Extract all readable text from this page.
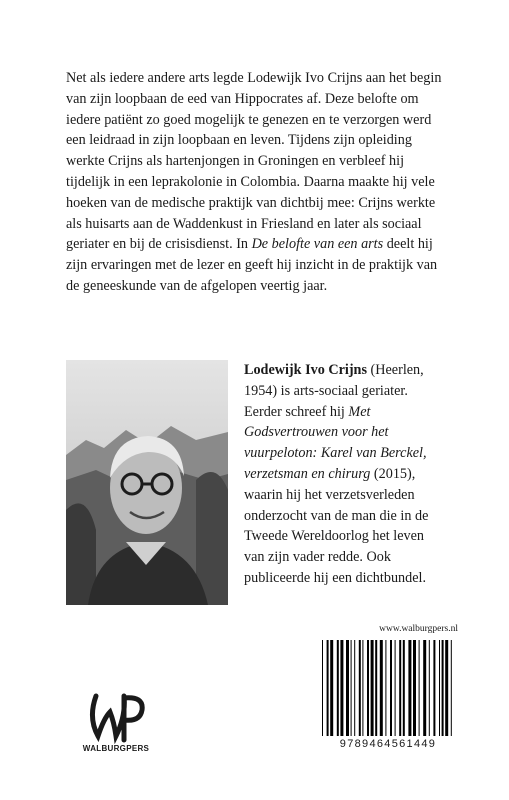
Net als iedere andere arts legde Lodewijk Ivo Crijns aan het begin van zijn loopbaan de eed van Hippocrates af. Deze belofte om iedere patiënt zo goed mogelijk te genezen en te verzorgen werd een leidraad in zijn loopbaan en leven. Tijdens zijn opleiding werkte Crijns als hartenjongen in Groningen en verbleef hij tijdelijk in een leprakolonie in Colombia. Daarna maakte hij vele hoeken van de medische praktijk van dichtbij mee: Crijns werkte als huisarts aan de Waddenkust in Friesland en later als sociaal geriater en bij de crisisdienst. In De belofte van een arts deelt hij zijn ervaringen met de lezer en geeft hij inzicht in de praktijk van de geneeskunde van de afgelopen veertig jaar.

Lodewijk Ivo Crijns (Heerlen, 1954) is arts-sociaal geriater. Eerder schreef hij Met Godsvertrouwen voor het vuurpeloton: Karel van Berckel, verzetsman en chirurg (2015), waarin hij het verzetsverleden onderzocht van de man die in de Tweede Wereldoorlog het leven van zijn vader redde. Ook publiceerde hij een dichtbundel.

WALBURGPERS
www.walburgpers.nl
9789464561449
